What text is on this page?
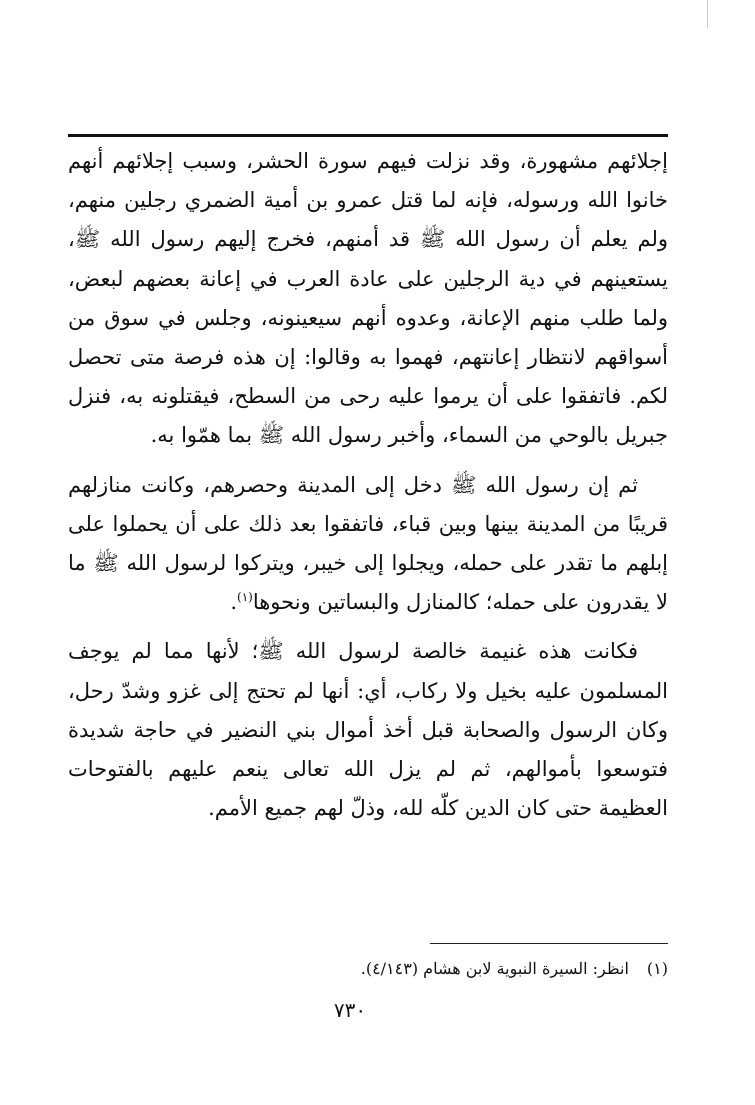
إجلائهم مشهورة، وقد نزلت فيهم سورة الحشر، وسبب إجلائهم أنهم خانوا الله ورسوله، فإنه لما قتل عمرو بن أمية الضمري رجلين منهم، ولم يعلم أن رسول الله ﷺ قد أمنهم، فخرج إليهم رسول الله ﷺ، يستعينهم في دية الرجلين على عادة العرب في إعانة بعضهم لبعض، ولما طلب منهم الإعانة، وعدوه أنهم سيعينونه، وجلس في سوق من أسواقهم لانتظار إعانتهم، فهموا به وقالوا: إن هذه فرصة متى تحصل لكم. فاتفقوا على أن يرموا عليه رحى من السطح، فيقتلونه به، فنزل جبريل بالوحي من السماء، وأخبر رسول الله ﷺ بما همّوا به.

ثم إن رسول الله ﷺ دخل إلى المدينة وحصرهم، وكانت منازلهم قريبًا من المدينة بينها وبين قباء، فاتفقوا بعد ذلك على أن يحملوا على إبلهم ما تقدر على حمله، ويجلوا إلى خيبر، ويتركوا لرسول الله ﷺ ما لا يقدرون على حمله؛ كالمنازل والبساتين ونحوها$^{(١)}$.

فكانت هذه غنيمة خالصة لرسول الله ﷺ؛ لأنها مما لم يوجف المسلمون عليه بخيل ولا ركاب، أي: أنها لم تحتج إلى غزو وشدّ رحل، وكان الرسول والصحابة قبل أخذ أموال بني النضير في حاجة شديدة فتوسعوا بأموالهم، ثم لم يزل الله تعالى ينعم عليهم بالفتوحات العظيمة حتى كان الدين كلّه لله، وذلّ لهم جميع الأمم.

(١)انظر: السيرة النبوية لابن هشام (٤/١٤٣).
٧٣٠
